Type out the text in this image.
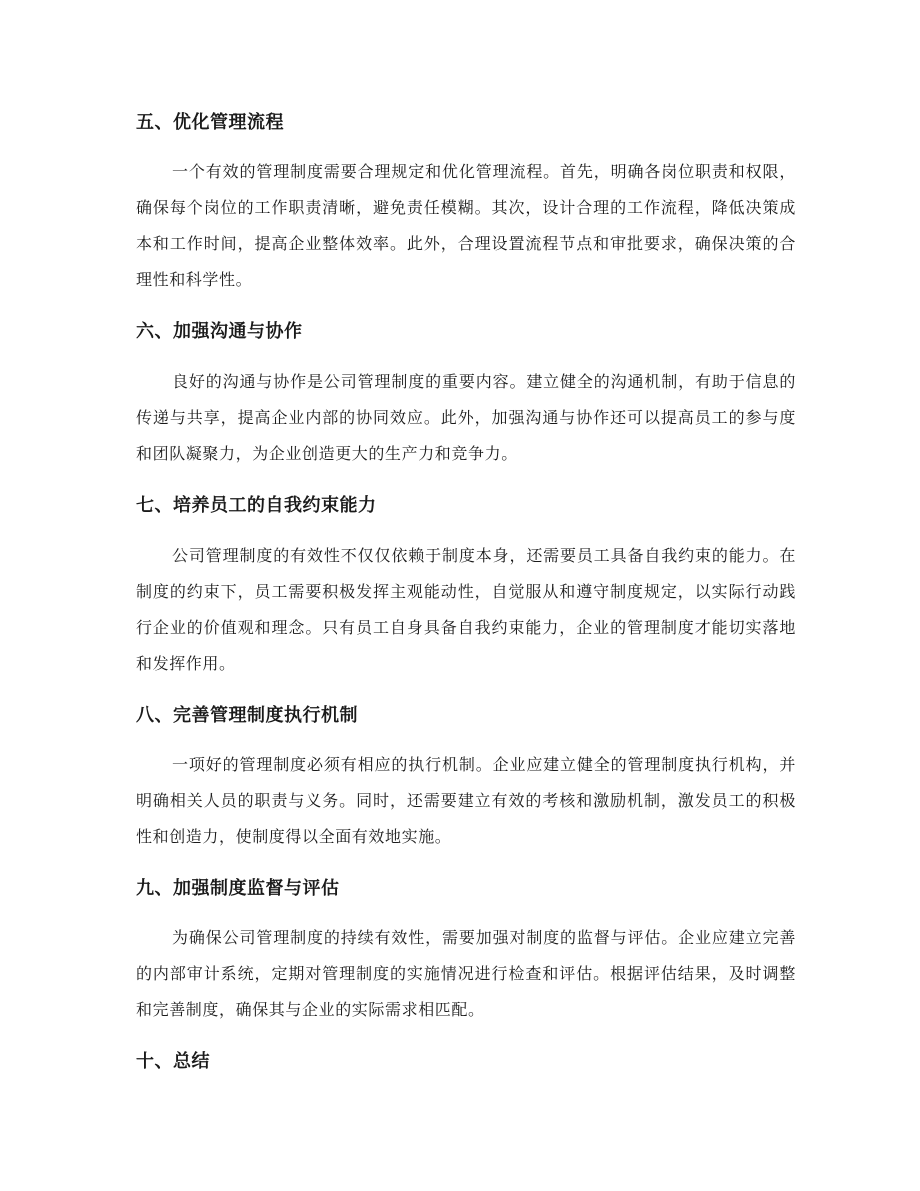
五、优化管理流程

一个有效的管理制度需要合理规定和优化管理流程。首先，明确各岗位职责和权限，确保每个岗位的工作职责清晰，避免责任模糊。其次，设计合理的工作流程，降低决策成本和工作时间，提高企业整体效率。此外，合理设置流程节点和审批要求，确保决策的合理性和科学性。

六、加强沟通与协作

良好的沟通与协作是公司管理制度的重要内容。建立健全的沟通机制，有助于信息的传递与共享，提高企业内部的协同效应。此外，加强沟通与协作还可以提高员工的参与度和团队凝聚力，为企业创造更大的生产力和竞争力。

七、培养员工的自我约束能力

公司管理制度的有效性不仅仅依赖于制度本身，还需要员工具备自我约束的能力。在制度的约束下，员工需要积极发挥主观能动性，自觉服从和遵守制度规定，以实际行动践行企业的价值观和理念。只有员工自身具备自我约束能力，企业的管理制度才能切实落地和发挥作用。

八、完善管理制度执行机制

一项好的管理制度必须有相应的执行机制。企业应建立健全的管理制度执行机构，并明确相关人员的职责与义务。同时，还需要建立有效的考核和激励机制，激发员工的积极性和创造力，使制度得以全面有效地实施。

九、加强制度监督与评估

为确保公司管理制度的持续有效性，需要加强对制度的监督与评估。企业应建立完善的内部审计系统，定期对管理制度的实施情况进行检查和评估。根据评估结果，及时调整和完善制度，确保其与企业的实际需求相匹配。

十、总结
